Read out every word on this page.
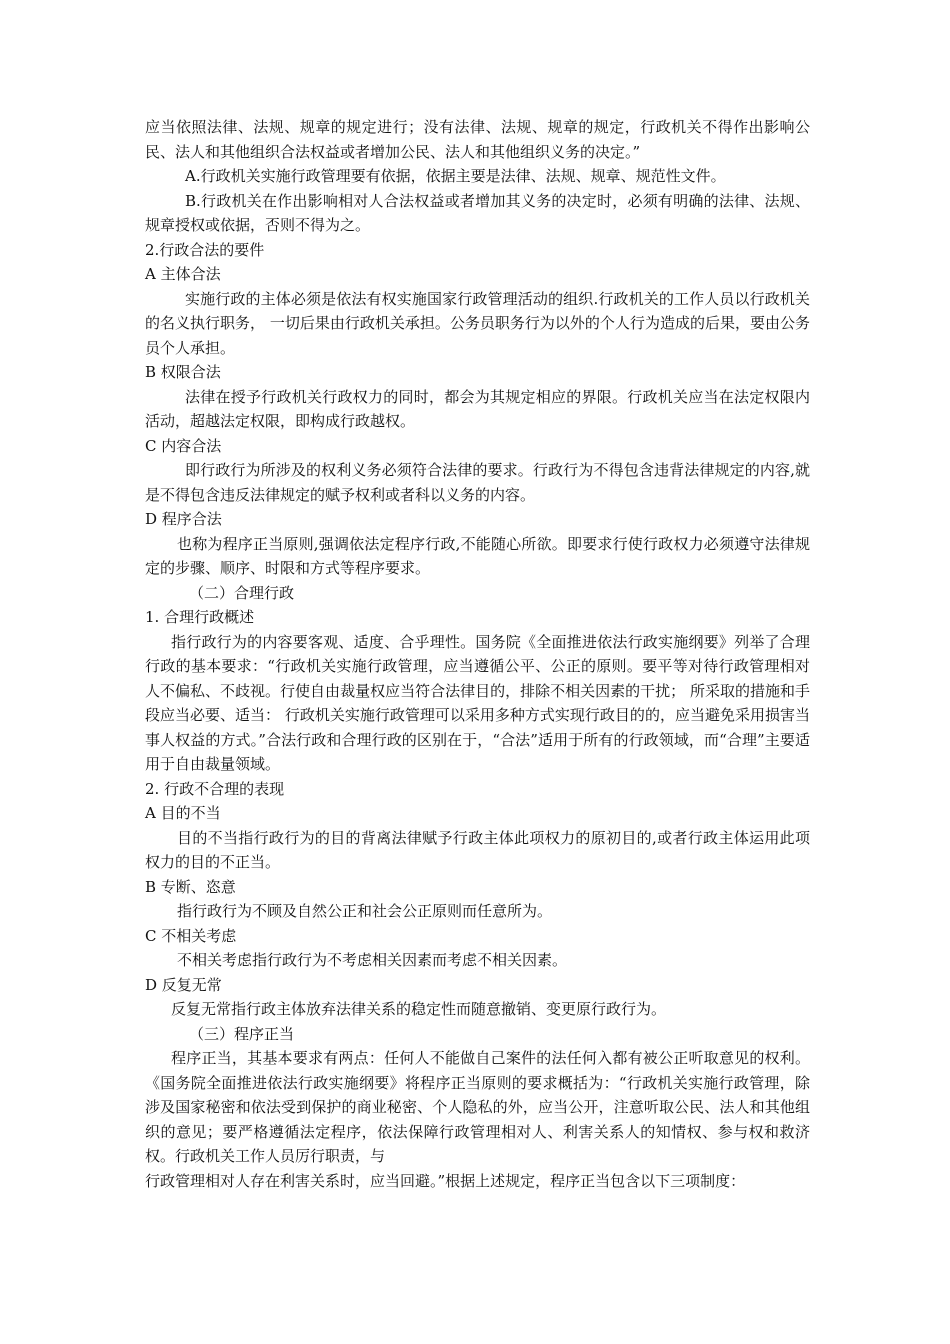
应当依照法律、法规、规章的规定进行；没有法律、法规、规章的规定，行政机关不得作出影响公民、法人和其他组织合法权益或者增加公民、法人和其他组织义务的决定。”

A.行政机关实施行政管理要有依据，依据主要是法律、法规、规章、规范性文件。

B.行政机关在作出影响相对人合法权益或者增加其义务的决定时，必须有明确的法律、法规、规章授权或依据，否则不得为之。

2.行政合法的要件

A 主体合法

实施行政的主体必须是依法有权实施国家行政管理活动的组织.行政机关的工作人员以行政机关的名义执行职务， 一切后果由行政机关承担。公务员职务行为以外的个人行为造成的后果，要由公务员个人承担。

B 权限合法

法律在授予行政机关行政权力的同时，都会为其规定相应的界限。行政机关应当在法定权限内活动，超越法定权限，即构成行政越权。

C 内容合法

即行政行为所涉及的权利义务必须符合法律的要求。行政行为不得包含违背法律规定的内容,就是不得包含违反法律规定的赋予权利或者科以义务的内容。

D 程序合法

也称为程序正当原则,强调依法定程序行政,不能随心所欲。即要求行使行政权力必须遵守法律规定的步骤、顺序、时限和方式等程序要求。

（二）合理行政

1. 合理行政概述

指行政行为的内容要客观、适度、合乎理性。国务院《全面推进依法行政实施纲要》列举了合理行政的基本要求：“行政机关实施行政管理，应当遵循公平、公正的原则。要平等对待行政管理相对人不偏私、不歧视。行使自由裁量权应当符合法律目的，排除不相关因素的干扰； 所采取的措施和手段应当必要、适当： 行政机关实施行政管理可以采用多种方式实现行政目的的，应当避免采用损害当事人权益的方式。”合法行政和合理行政的区别在于，“合法”适用于所有的行政领域，而“合理”主要适用于自由裁量领域。

2. 行政不合理的表现

A 目的不当

目的不当指行政行为的目的背离法律赋予行政主体此项权力的原初目的,或者行政主体运用此项权力的目的不正当。

B 专断、恣意

指行政行为不顾及自然公正和社会公正原则而任意所为。

C 不相关考虑

不相关考虑指行政行为不考虑相关因素而考虑不相关因素。

D 反复无常

反复无常指行政主体放弃法律关系的稳定性而随意撤销、变更原行政行为。

（三）程序正当

程序正当，其基本要求有两点：任何人不能做自己案件的法任何入都有被公正听取意见的权利。《国务院全面推进依法行政实施纲要》将程序正当原则的要求概括为：“行政机关实施行政管理，除涉及国家秘密和依法受到保护的商业秘密、个人隐私的外，应当公开，注意听取公民、法人和其他组织的意见；要严格遵循法定程序，依法保障行政管理相对人、利害关系人的知情权、参与权和救济权。行政机关工作人员厉行职责，与

行政管理相对人存在利害关系时，应当回避。”根据上述规定，程序正当包含以下三项制度：
